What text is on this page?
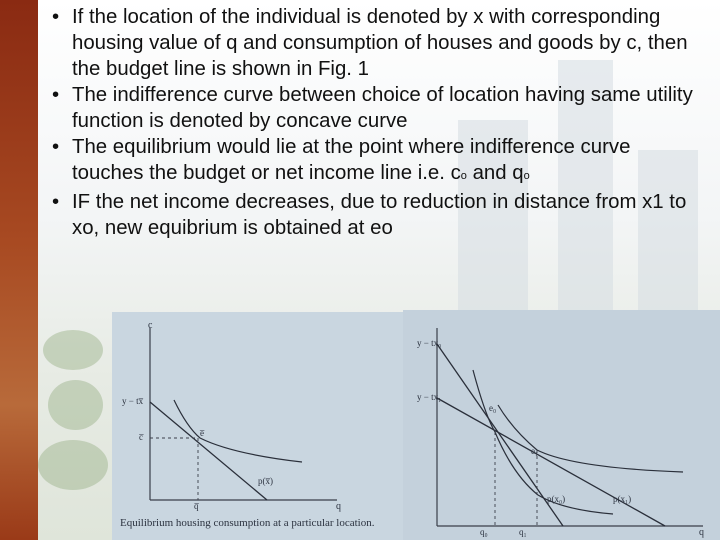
• If the location of the individual is denoted by x with corresponding housing value of q and consumption of houses and goods by c, then the budget line is shown in Fig. 1
• The indifference curve between choice of location having same utility function is denoted by concave curve
• The equilibrium would lie at the point where indifference curve touches the budget or net income line i.e. co and qo
• IF the net income decreases, due to reduction in distance from x1 to xo, new equibrium is obtained at eo
c
q
y − tx̅
c̅	e̅
q̅
p(x̅)
Equilibrium housing consumption at a particular location.
q
y − tx₀
y − tx₁
e₀
e₁
p(x₀)	p(x₁)
q₀	q₁
